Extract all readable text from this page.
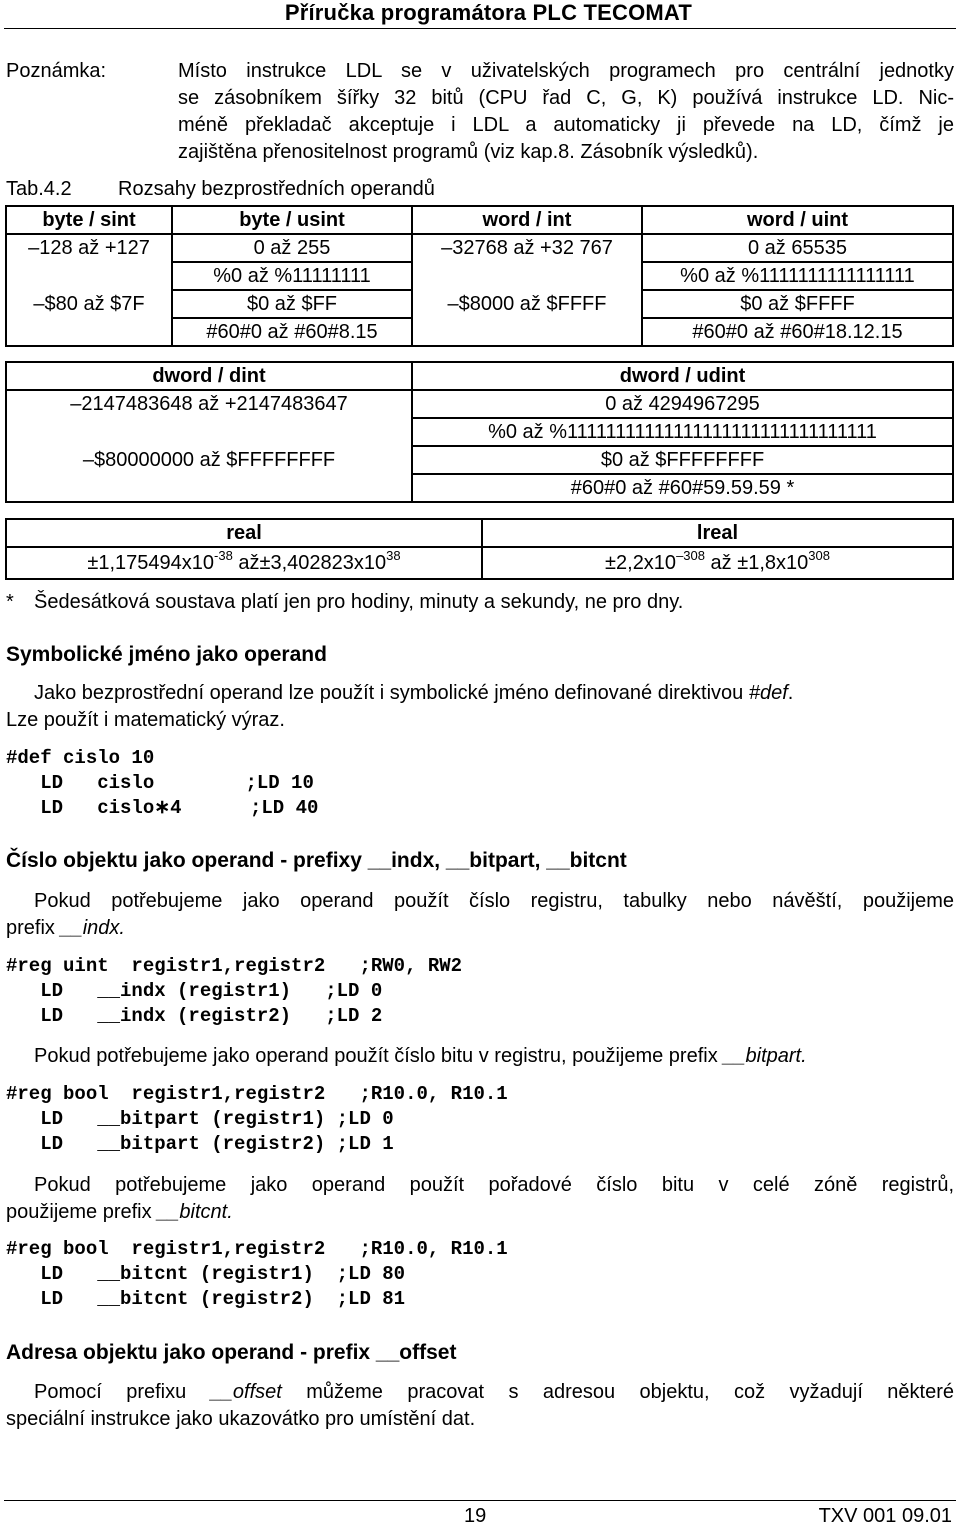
Příručka programátora PLC TECOMAT
Poznámka:	Místo instrukce LDL se v uživatelských programech pro centrální jednotky
se zásobníkem šířky 32 bitů (CPU řad C, G, K) používá instrukce LD. Nic-
méně překladač akceptuje i LDL a automaticky ji převede na LD, čímž je
zajištěna přenositelnost programů (viz kap.8. Zásobník výsledků).
Tab.4.2 Rozsahy bezprostředních operandů
byte / sint	byte / usint	word / int	word / uint
–128 až +127	0 až 255	–32768 až +32 767	0 až 65535
	%0 až %11111111		%0 až %1111111111111111
–$80 až $7F	$0 až $FF	–$8000 až $FFFF	$0 až $FFFF
	#60#0 až #60#8.15		#60#0 až #60#18.12.15
dword / dint	dword / udint
–2147483648 až +2147483647	0 až 4294967295
	%0 až %11111111111111111111111111111111
–$80000000 až $FFFFFFFF	$0 až $FFFFFFFF
	#60#0 až #60#59.59.59 *
real	lreal
$\pm 1,175494x10^{-38}$ $až\pm 3,402823x10^{38}$	$\pm 2,2x10^{-308}$ až $\pm 1,8x10^{308}$
* Šedesátková soustava platí jen pro hodiny, minuty a sekundy, ne pro dny.
Symbolické jméno jako operand
Jako bezprostřední operand lze použít i symbolické jméno definované direktivou #def.
Lze použít i matematický výraz.
#def cislo 10
LD   cislo        ;LD 10
LD   cislo∗4      ;LD 40
Číslo objektu jako operand - prefixy __indx, __bitpart, __bitcnt
Pokud potřebujeme jako operand použít číslo registru, tabulky nebo návěští, použijeme
prefix __indx.
#reg uint  registr1,registr2   ;RW0, RW2
LD   __indx (registr1)   ;LD 0
LD   __indx (registr2)   ;LD 2
Pokud potřebujeme jako operand použít číslo bitu v registru, použijeme prefix __bitpart.
#reg bool  registr1,registr2   ;R10.0, R10.1
LD   __bitpart (registr1) ;LD 0
LD   __bitpart (registr2) ;LD 1
Pokud potřebujeme jako operand použít pořadové číslo bitu v celé zóně registrů,
použijeme prefix __bitcnt.
#reg bool  registr1,registr2   ;R10.0, R10.1
LD   __bitcnt (registr1)  ;LD 80
LD   __bitcnt (registr2)  ;LD 81
Adresa objektu jako operand - prefix __offset
Pomocí prefixu __offset můžeme pracovat s adresou objektu, což vyžadují některé
speciální instrukce jako ukazovátko pro umístění dat.
19	TXV 001 09.01
